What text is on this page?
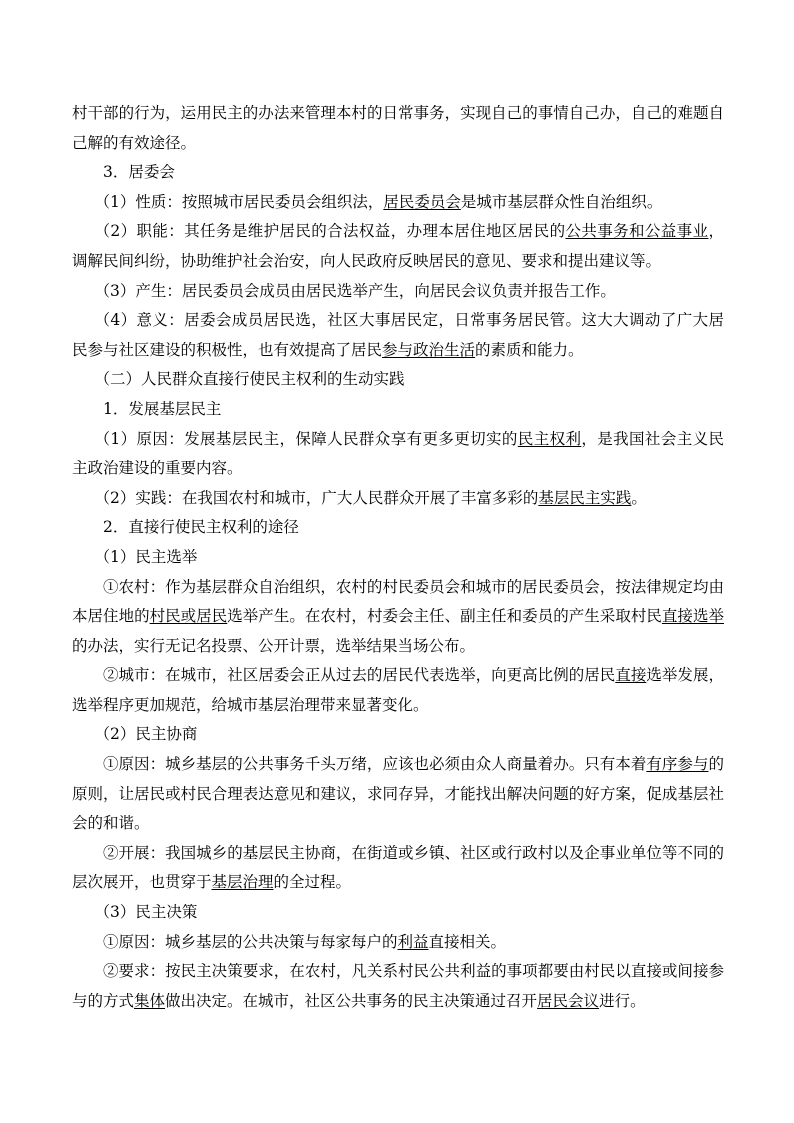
村干部的行为，运用民主的办法来管理本村的日常事务，实现自己的事情自己办，自己的难题自己解的有效途径。

3．居委会

（1）性质：按照城市居民委员会组织法，居民委员会是城市基层群众性自治组织。

（2）职能：其任务是维护居民的合法权益，办理本居住地区居民的公共事务和公益事业，调解民间纠纷，协助维护社会治安，向人民政府反映居民的意见、要求和提出建议等。

（3）产生：居民委员会成员由居民选举产生，向居民会议负责并报告工作。

（4）意义：居委会成员居民选，社区大事居民定，日常事务居民管。这大大调动了广大居民参与社区建设的积极性，也有效提高了居民参与政治生活的素质和能力。

（二）人民群众直接行使民主权利的生动实践

1．发展基层民主

（1）原因：发展基层民主，保障人民群众享有更多更切实的民主权利，是我国社会主义民主政治建设的重要内容。

（2）实践：在我国农村和城市，广大人民群众开展了丰富多彩的基层民主实践。

2．直接行使民主权利的途径

（1）民主选举

①农村：作为基层群众自治组织，农村的村民委员会和城市的居民委员会，按法律规定均由本居住地的村民或居民选举产生。在农村，村委会主任、副主任和委员的产生采取村民直接选举的办法，实行无记名投票、公开计票，选举结果当场公布。

②城市：在城市，社区居委会正从过去的居民代表选举，向更高比例的居民直接选举发展，选举程序更加规范，给城市基层治理带来显著变化。

（2）民主协商

①原因：城乡基层的公共事务千头万绪，应该也必须由众人商量着办。只有本着有序参与的原则，让居民或村民合理表达意见和建议，求同存异，才能找出解决问题的好方案，促成基层社会的和谐。

②开展：我国城乡的基层民主协商，在街道或乡镇、社区或行政村以及企事业单位等不同的层次展开，也贯穿于基层治理的全过程。

（3）民主决策

①原因：城乡基层的公共决策与每家每户的利益直接相关。

②要求：按民主决策要求，在农村，凡关系村民公共利益的事项都要由村民以直接或间接参与的方式集体做出决定。在城市，社区公共事务的民主决策通过召开居民会议进行。
